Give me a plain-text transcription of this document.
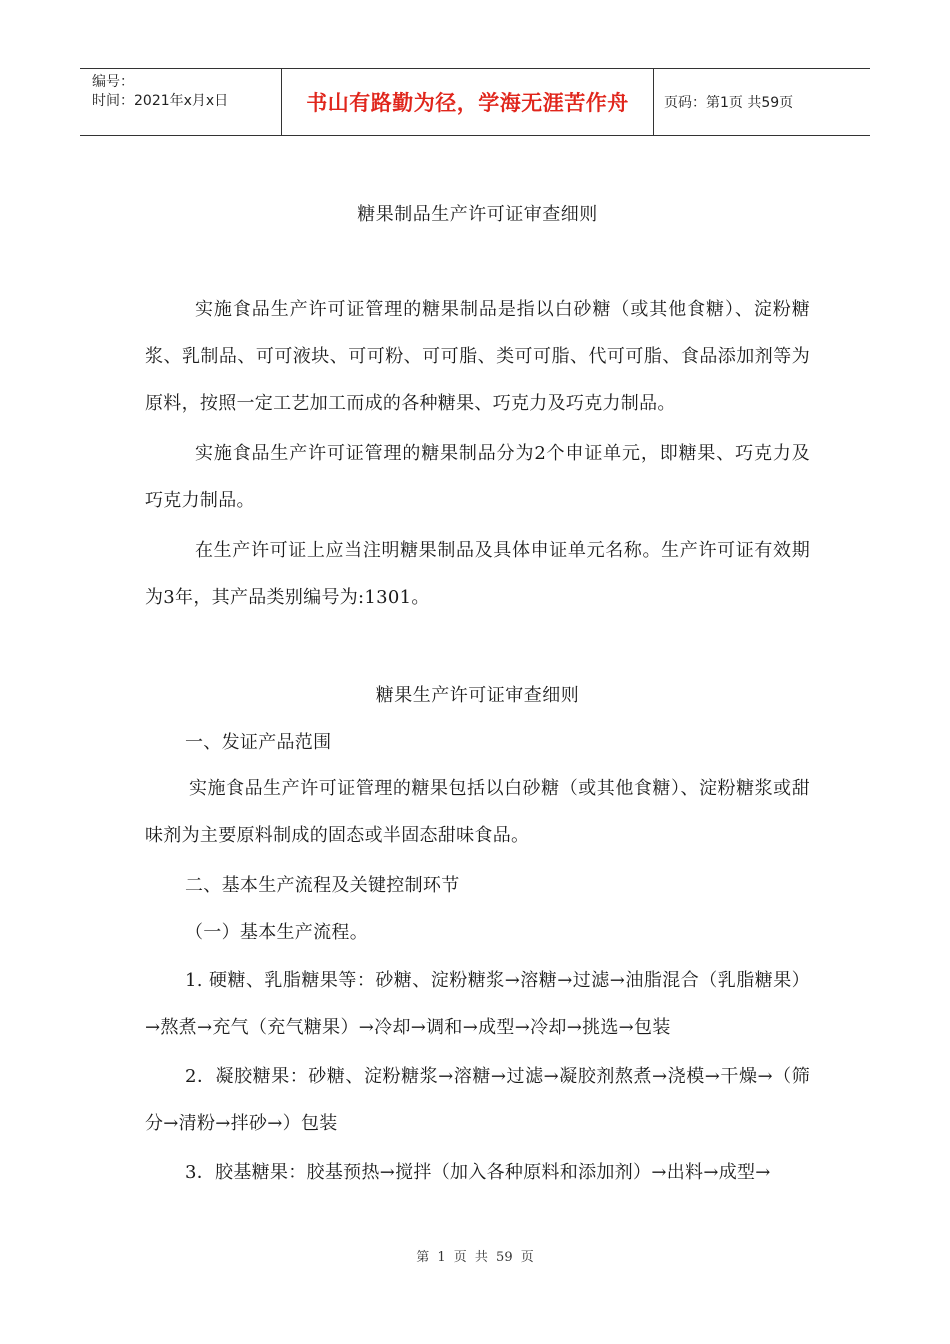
编号：
时间：2021年x月x日	书山有路勤为径，学海无涯苦作舟	页码：第1页 共59页
糖果制品生产许可证审查细则
实施食品生产许可证管理的糖果制品是指以白砂糖（或其他食糖）、淀粉糖浆、乳制品、可可液块、可可粉、可可脂、类可可脂、代可可脂、食品添加剂等为原料，按照一定工艺加工而成的各种糖果、巧克力及巧克力制品。
实施食品生产许可证管理的糖果制品分为2个申证单元，即糖果、巧克力及巧克力制品。
在生产许可证上应当注明糖果制品及具体申证单元名称。生产许可证有效期为3年，其产品类别编号为:1301。
糖果生产许可证审查细则
一、发证产品范围
实施食品生产许可证管理的糖果包括以白砂糖（或其他食糖）、淀粉糖浆或甜味剂为主要原料制成的固态或半固态甜味食品。
二、基本生产流程及关键控制环节
（一）基本生产流程。
1. 硬糖、乳脂糖果等：砂糖、淀粉糖浆→溶糖→过滤→油脂混合（乳脂糖果）→熬煮→充气（充气糖果）→冷却→调和→成型→冷却→挑选→包装
2．凝胶糖果：砂糖、淀粉糖浆→溶糖→过滤→凝胶剂熬煮→浇模→干燥→（筛分→清粉→拌砂→）包装
3．胶基糖果：胶基预热→搅拌（加入各种原料和添加剂）→出料→成型→
第 1 页 共 59 页
